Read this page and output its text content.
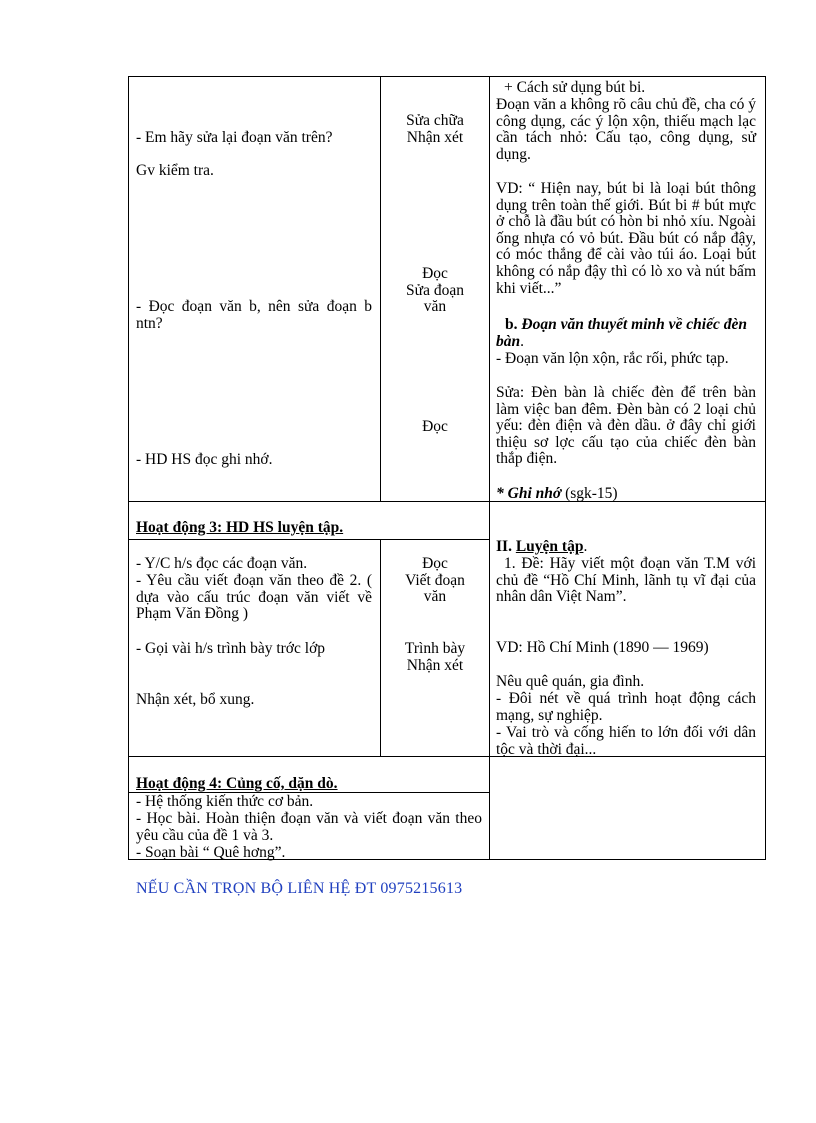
- Em hãy sửa lại đoạn văn trên?
Gv kiểm tra.
- Đọc đoạn văn b, nên sửa đoạn b ntn?
- HD HS đọc ghi nhớ.

Sửa chữa

Nhận xét

Đọc

Sửa đoạn

văn

Đọc
+ Cách sử dụng bút bi.
Đoạn văn a không rõ câu chủ đề, cha có ý công dụng, các ý lộn xộn, thiếu mạch lạc cần tách nhỏ: Cấu tạo, công dụng, sử dụng.
VD: “ Hiện nay, bút bi là loại bút thông dụng trên toàn thế giới. Bút bi # bút mực ở chỗ là đầu bút có hòn bi nhỏ xíu. Ngoài ống nhựa có vỏ bút. Đầu bút có nắp đậy, có móc thắng để cài vào túi áo. Loại bút không có nắp đậy thì có lò xo và nút bấm khi viết...”
b. Đoạn văn thuyết minh về chiếc đèn bàn.
- Đoạn văn lộn xộn, rắc rối, phức tạp.
Sửa: Đèn bàn là chiếc đèn để trên bàn làm việc ban đêm. Đèn bàn có 2 loại chủ yếu: đèn điện và đèn dầu. ở đây chỉ giới thiệu sơ lợc cấu tạo của chiếc đèn bàn thắp điện.
* Ghi nhớ (sgk-15)
Hoạt động 3: HD HS luyện tập.
- Y/C h/s đọc các đoạn văn.
- Yêu cầu viết đoạn văn theo đề 2. ( dựa vào cấu trúc đoạn văn viết về Phạm Văn Đồng )
- Gọi vài h/s trình bày trớc lớp
Nhận xét, bổ xung.

Đọc

Viết đoạn

văn

Trình bày

Nhận xét

II. Luyện tập.
1. Đề: Hãy viết một đoạn văn T.M với chủ đề “Hồ Chí Minh, lãnh tụ vĩ đại của nhân dân Việt Nam”.
VD: Hồ Chí Minh (1890 — 1969)
Nêu quê quán, gia đình.
- Đôi nét về quá trình hoạt động cách mạng, sự nghiệp.
- Vai trò và cống hiến to lớn đối với dân tộc và thời đại...
Hoạt động 4: Củng cố, dặn dò.
- Hệ thống kiến thức cơ bản.
- Học bài. Hoàn thiện đoạn văn và viết đoạn văn theo yêu cầu của đề 1 và 3.
- Soạn bài “ Quê hơng”.
NẾU CẦN TRỌN BỘ LIÊN HỆ ĐT 0975215613
